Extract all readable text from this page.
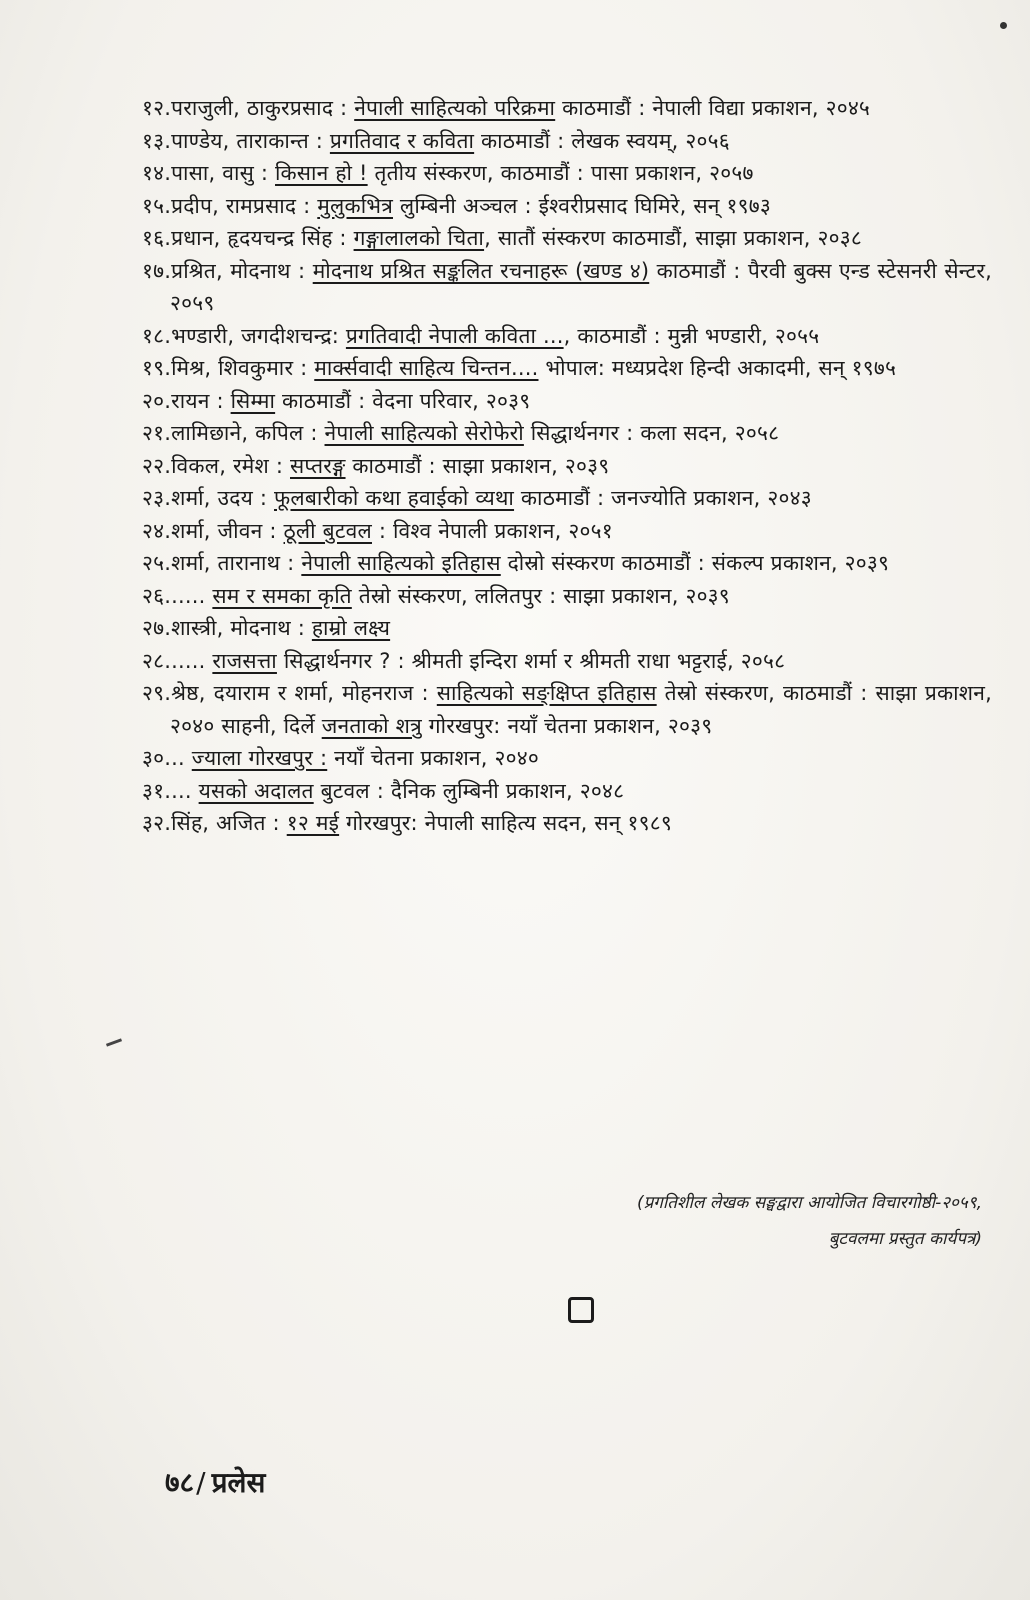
१२.पराजुली, ठाकुरप्रसाद : नेपाली साहित्यको परिक्रमा काठमाडौं : नेपाली विद्या प्रकाशन, २०४५
१३.पाण्डेय, ताराकान्त : प्रगतिवाद र कविता काठमाडौं : लेखक स्वयम्, २०५६
१४.पासा, वासु : किसान हो ! तृतीय संस्करण, काठमाडौं : पासा प्रकाशन, २०५७
१५.प्रदीप, रामप्रसाद : मुलुकभित्र लुम्बिनी अञ्चल : ईश्वरीप्रसाद घिमिरे, सन् १९७३
१६.प्रधान, हृदयचन्द्र सिंह : गङ्गालालको चिता, सातौं संस्करण काठमाडौं, साझा प्रकाशन, २०३८
१७.प्रश्रित, मोदनाथ : मोदनाथ प्रश्रित सङ्कलित रचनाहरू (खण्ड ४) काठमाडौं : पैरवी बुक्स एन्ड स्टेसनरी सेन्टर, २०५९
१८.भण्डारी, जगदीशचन्द्र: प्रगतिवादी नेपाली कविता ..., काठमाडौं : मुन्नी भण्डारी, २०५५
१९.मिश्र, शिवकुमार : मार्क्सवादी साहित्य चिन्तन.... भोपाल: मध्यप्रदेश हिन्दी अकादमी, सन् १९७५
२०.रायन : सिम्मा काठमाडौं : वेदना परिवार, २०३९
२१.लामिछाने, कपिल : नेपाली साहित्यको सेरोफेरो सिद्धार्थनगर : कला सदन, २०५८
२२.विकल, रमेश : सप्तरङ्ग काठमाडौं : साझा प्रकाशन, २०३९
२३.शर्मा, उदय : फूलबारीको कथा हवाईको व्यथा काठमाडौं : जनज्योति प्रकाशन, २०४३
२४.शर्मा, जीवन : ठूली बुटवल : विश्व नेपाली प्रकाशन, २०५१
२५.शर्मा, तारानाथ : नेपाली साहित्यको इतिहास दोस्रो संस्करण काठमाडौं : संकल्प प्रकाशन, २०३९
२६...... सम र समका कृति तेस्रो संस्करण, ललितपुर : साझा प्रकाशन, २०३९
२७.शास्त्री, मोदनाथ : हाम्रो लक्ष्य
२८...... राजसत्ता सिद्धार्थनगर ? : श्रीमती इन्दिरा शर्मा र श्रीमती राधा भट्टराई, २०५८
२९.श्रेष्ठ, दयाराम र शर्मा, मोहनराज : साहित्यको सङ्क्षिप्त इतिहास तेस्रो संस्करण, काठमाडौं : साझा प्रकाशन, २०४० साहनी, दिर्ले जनताको शत्रु गोरखपुर: नयाँ चेतना प्रकाशन, २०३९
३०... ज्याला गोरखपुर : नयाँ चेतना प्रकाशन, २०४०
३१.... यसको अदालत बुटवल : दैनिक लुम्बिनी प्रकाशन, २०४८
३२.सिंह, अजित : १२ मई गोरखपुर: नेपाली साहित्य सदन, सन् १९८९
(प्रगतिशील लेखक सङ्घद्वारा आयोजित विचारगोष्ठी-२०५९,
बुटवलमा प्रस्तुत कार्यपत्र)
७८/ प्रलेस
